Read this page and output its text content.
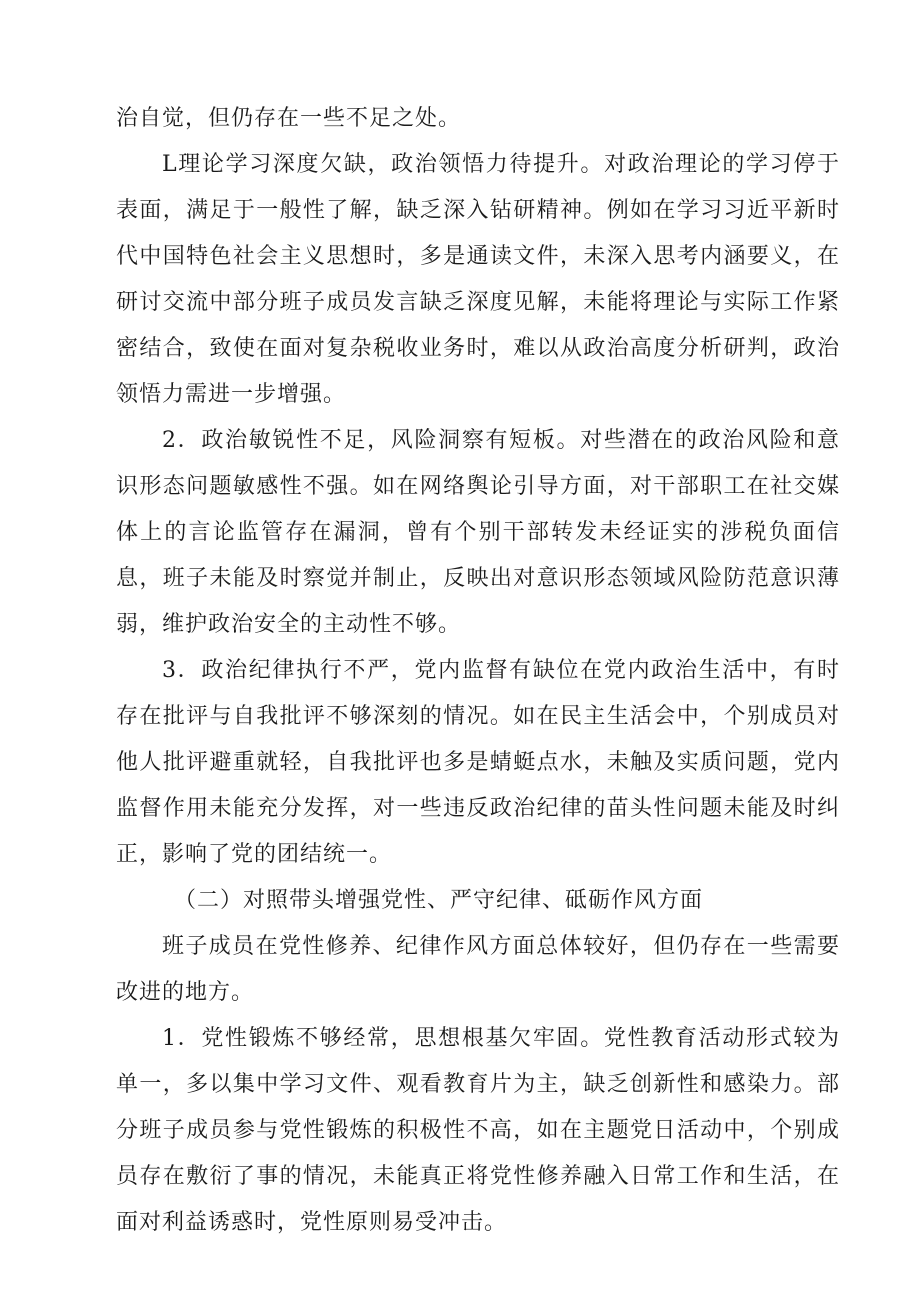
治自觉，但仍存在一些不足之处。

L理论学习深度欠缺，政治领悟力待提升。对政治理论的学习停于表面，满足于一般性了解，缺乏深入钻研精神。例如在学习习近平新时代中国特色社会主义思想时，多是通读文件，未深入思考内涵要义，在研讨交流中部分班子成员发言缺乏深度见解，未能将理论与实际工作紧密结合，致使在面对复杂税收业务时，难以从政治高度分析研判，政治领悟力需进一步增强。

2．政治敏锐性不足，风险洞察有短板。对些潜在的政治风险和意识形态问题敏感性不强。如在网络舆论引导方面，对干部职工在社交媒体上的言论监管存在漏洞，曾有个别干部转发未经证实的涉税负面信息，班子未能及时察觉并制止，反映出对意识形态领域风险防范意识薄弱，维护政治安全的主动性不够。

3．政治纪律执行不严，党内监督有缺位在党内政治生活中，有时存在批评与自我批评不够深刻的情况。如在民主生活会中，个别成员对他人批评避重就轻，自我批评也多是蜻蜓点水，未触及实质问题，党内监督作用未能充分发挥，对一些违反政治纪律的苗头性问题未能及时纠正，影响了党的团结统一。

（二）对照带头增强党性、严守纪律、砥砺作风方面

班子成员在党性修养、纪律作风方面总体较好，但仍存在一些需要改进的地方。

1．党性锻炼不够经常，思想根基欠牢固。党性教育活动形式较为单一，多以集中学习文件、观看教育片为主，缺乏创新性和感染力。部分班子成员参与党性锻炼的积极性不高，如在主题党日活动中，个别成员存在敷衍了事的情况，未能真正将党性修养融入日常工作和生活，在面对利益诱惑时，党性原则易受冲击。
